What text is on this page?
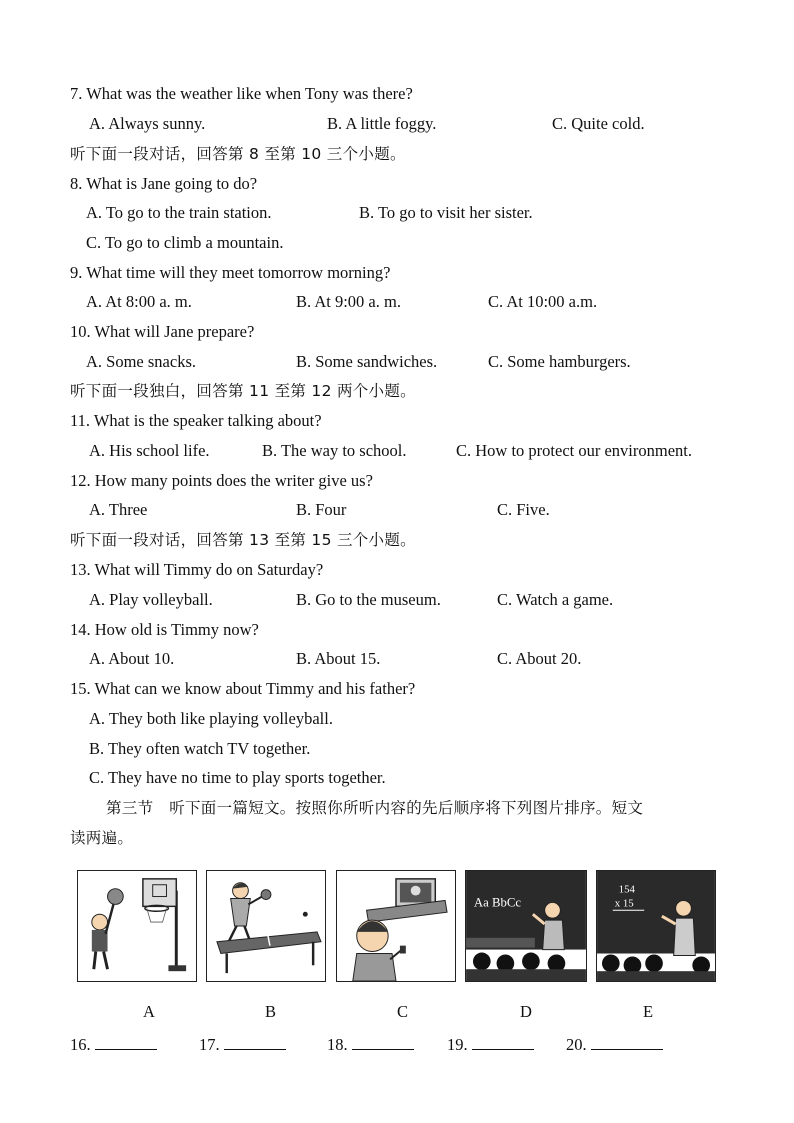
7. What was the weather like when Tony was there?
A. Always sunny.	B. A little foggy.	C. Quite cold.
听下面一段对话，回答第 8 至第 10 三个小题。
8. What is Jane going to do?
A. To go to the train station.	B. To go to visit her sister.
C. To go to climb a mountain.
9. What time will they meet tomorrow morning?
A. At 8:00 a. m.	B. At 9:00 a. m.	C. At 10:00 a.m.
10. What will Jane prepare?
A. Some snacks.	B. Some sandwiches.	C. Some hamburgers.
听下面一段独白，回答第 11 至第 12 两个小题。
11. What is the speaker talking about?
A. His school life.	B. The way to school.	C. How to protect our environment.
12. How many points does the writer give us?
A. Three	B. Four	C. Five.
听下面一段对话，回答第 13 至第 15 三个小题。
13. What will Timmy do on Saturday?
A. Play volleyball.	B. Go to the museum.	C. Watch a game.
14. How old is Timmy now?
A. About 10.	B. About 15.	C. About 20.
15. What can we know about Timmy and his father?
A. They both like playing volleyball.
B. They often watch TV together.
C. They have no time to play sports together.
第三节　听下面一篇短文。按照你所听内容的先后顺序将下列图片排序。短文
读两遍。
Aa BbCc
154
x 15
A	B	C	D	E
16.	17.	18.	19.	20.
